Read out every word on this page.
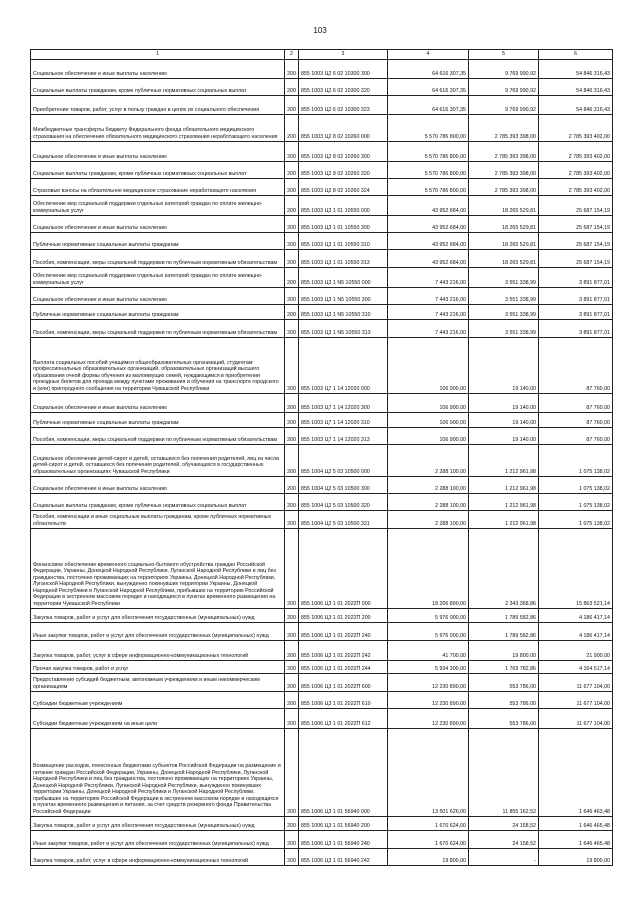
103
1	2	3	4	5	6
Социальное обеспечение и иные выплаты населению	200	855 1003 Ц2 6 02 10300 300	64 616 307,35	9 769 990,92	54 846 316,43
Социальные выплаты гражданам, кроме публичных нормативных социальных выплат	200	855 1003 Ц2 6 02 10300 320	64 616 307,35	9 769 990,92	54 846 316,43
Приобретение товаров, работ, услуг в пользу граждан в целях их социального обеспечения	200	855 1003 Ц2 6 02 10300 323	64 616 307,35	9 769 990,92	54 846 316,43
Межбюджетные трансферты бюджету Федерального фонда обязательного медицинского страхования на обеспечение обязательного медицинского страхования неработающего населения	200	855 1003 Ц2 8 02 10260 000	5 570 786 800,00	2 785 393 398,00	2 785 393 402,00
Социальное обеспечение и иные выплаты населению	200	855 1003 Ц2 8 02 10260 300	5 570 786 800,00	2 785 393 398,00	2 785 393 402,00
Социальные выплаты гражданам, кроме публичных нормативных социальных выплат	200	855 1003 Ц2 8 02 10260 320	5 570 786 800,00	2 785 393 398,00	2 785 393 402,00
Страховые взносы на обязательное медицинское страхование неработающего населения	200	855 1003 Ц2 8 02 10260 324	5 570 786 800,00	2 785 393 398,00	2 785 393 402,00
Обеспечение мер социальной поддержки отдельных категорий граждан по оплате жилищно-коммунальных услуг	200	855 1003 Ц3 1 01 10550 000	43 952 684,00	18 265 529,81	25 687 154,19
Социальное обеспечение и иные выплаты населению	200	855 1003 Ц3 1 01 10550 300	43 952 684,00	18 265 529,81	25 687 154,19
Публичные нормативные социальные выплаты гражданам	200	855 1003 Ц3 1 01 10550 310	43 952 684,00	18 265 529,81	25 687 154,19
Пособия, компенсации, меры социальной поддержки по публичным нормативным обязательствам	200	855 1003 Ц3 1 01 10550 313	43 952 684,00	18 265 529,81	25 687 154,19
Обеспечение мер социальной поддержки отдельных категорий граждан по оплате жилищно-коммунальных услуг	200	855 1003 Ц3 1 N5 10550 000	7 443 216,00	3 551 338,99	3 891 877,01
Социальное обеспечение и иные выплаты населению	200	855 1003 Ц3 1 N5 10550 300	7 443 216,00	3 551 338,99	3 891 877,01
Публичные нормативные социальные выплаты гражданам	200	855 1003 Ц3 1 N5 10550 310	7 443 216,00	3 551 338,99	3 891 877,01
Пособия, компенсации, меры социальной поддержки по публичным нормативным обязательствам	200	855 1003 Ц3 1 N5 10550 313	7 443 216,00	3 551 338,99	3 891 877,01
Выплата социальных пособий учащимся общеобразовательных организаций, студентам профессиональных образовательных организаций, образовательных организаций высшего образования очной формы обучения из малоимущих семей, нуждающимся в приобретении проездных билетов для проезда между пунктами проживания и обучения на транспорте городского и (или) пригородного сообщения на территории Чувашской Республики	200	855 1003 Ц7 1 14 12020 000	106 900,00	19 140,00	87 760,00
Социальное обеспечение и иные выплаты населению	200	855 1003 Ц7 1 14 12020 300	106 900,00	19 140,00	87 760,00
Публичные нормативные социальные выплаты гражданам	200	855 1003 Ц7 1 14 12020 310	106 900,00	19 140,00	87 760,00
Пособия, компенсации, меры социальной поддержки по публичным нормативным обязательствам	200	855 1003 Ц7 1 14 12020 313	106 900,00	19 140,00	87 760,00
Социальное обеспечение детей-сирот и детей, оставшихся без попечения родителей, лиц из числа детей-сирот и детей, оставшихся без попечения родителей, обучающихся в государственных образовательных организациях Чувашской Республики	200	855 1004 Ц2 5 03 10500 000	2 288 100,00	1 212 961,98	1 075 138,02
Социальное обеспечение и иные выплаты населению	200	855 1004 Ц2 5 03 10500 300	2 288 100,00	1 212 961,98	1 075 138,02
Социальные выплаты гражданам, кроме публичных нормативных социальных выплат	200	855 1004 Ц2 5 03 10500 320	2 288 100,00	1 212 961,98	1 075 138,02
Пособия, компенсации и иные социальные выплаты гражданам, кроме публичных нормативных обязательств	200	855 1004 Ц2 5 03 10500 321	2 288 100,00	1 212 961,98	1 075 138,02
Финансовое обеспечение временного социально-бытового обустройства граждан Российской Федерации, Украины, Донецкой Народной Республики, Луганской Народной Республики и лиц без гражданства, постоянно проживающих на территориях Украины, Донецкой Народной Республики, Луганской Народной Республики, вынужденно покинувших территории Украины, Донецкой Народной Республики и Луганской Народной Республики, прибывших на территорию Российской Федерации в экстренном массовом порядке и находящихся в пунктах временного размещения на территории Чувашской Республики	200	855 1006 Ц3 1 01 2022П 000	18 206 890,00	2 343 368,86	15 863 521,14
Закупка товаров, работ и услуг для обеспечения государственных (муниципальных) нужд	200	855 1006 Ц3 1 01 2022П 200	5 976 000,00	1 789 582,86	4 186 417,14
Иные закупки товаров, работ и услуг для обеспечения государственных (муниципальных) нужд	200	855 1006 Ц3 1 01 2022П 240	5 976 000,00	1 789 582,86	4 186 417,14
Закупка товаров, работ, услуг в сфере информационно-коммуникационных технологий	200	855 1006 Ц3 1 01 2022П 242	41 700,00	19 800,00	21 900,00
Прочая закупка товаров, работ и услуг	200	855 1006 Ц3 1 01 2022П 244	5 934 300,00	1 769 782,86	4 164 517,14
Предоставление субсидий бюджетным, автономным учреждениям и иным некоммерческим организациям	200	855 1006 Ц3 1 01 2022П 600	12 230 890,00	553 786,00	11 677 104,00
Субсидии бюджетным учреждениям	200	855 1006 Ц3 1 01 2022П 610	12 230 890,00	553 786,00	11 677 104,00
Субсидии бюджетным учреждениям на иные цели	200	855 1006 Ц3 1 01 2022П 612	12 230 890,00	553 786,00	11 677 104,00
Возмещение расходов, понесенных бюджетами субъектов Российской Федерации на размещение и питание граждан Российской Федерации, Украины, Донецкой Народной Республики, Луганской Народной Республики и лиц без гражданства, постоянно проживающих на территориях Украины, Донецкой Народной Республики, Луганской Народной Республики, вынужденно покинувших территории Украины, Донецкой Народной Республики и Луганской Народной Республики, прибывших на территорию Российской Федерации в экстренном массовом порядке и находящихся в пунктах временного размещения и питания, за счет средств резервного фонда Правительства Российской Федерации	200	855 1006 Ц3 1 01 56940 000	13 501 626,00	11 855 162,52	1 646 463,48
Закупка товаров, работ и услуг для обеспечения государственных (муниципальных) нужд	200	855 1006 Ц3 1 01 56940 200	1 670 624,00	24 158,52	1 646 465,48
Иные закупки товаров, работ и услуг для обеспечения государственных (муниципальных) нужд	200	855 1006 Ц3 1 01 56940 240	1 670 624,00	24 158,52	1 646 465,48
Закупка товаров, работ, услуг в сфере информационно-коммуникационных технологий	200	855 1006 Ц3 1 01 56940 242	19 800,00	-	19 800,00
